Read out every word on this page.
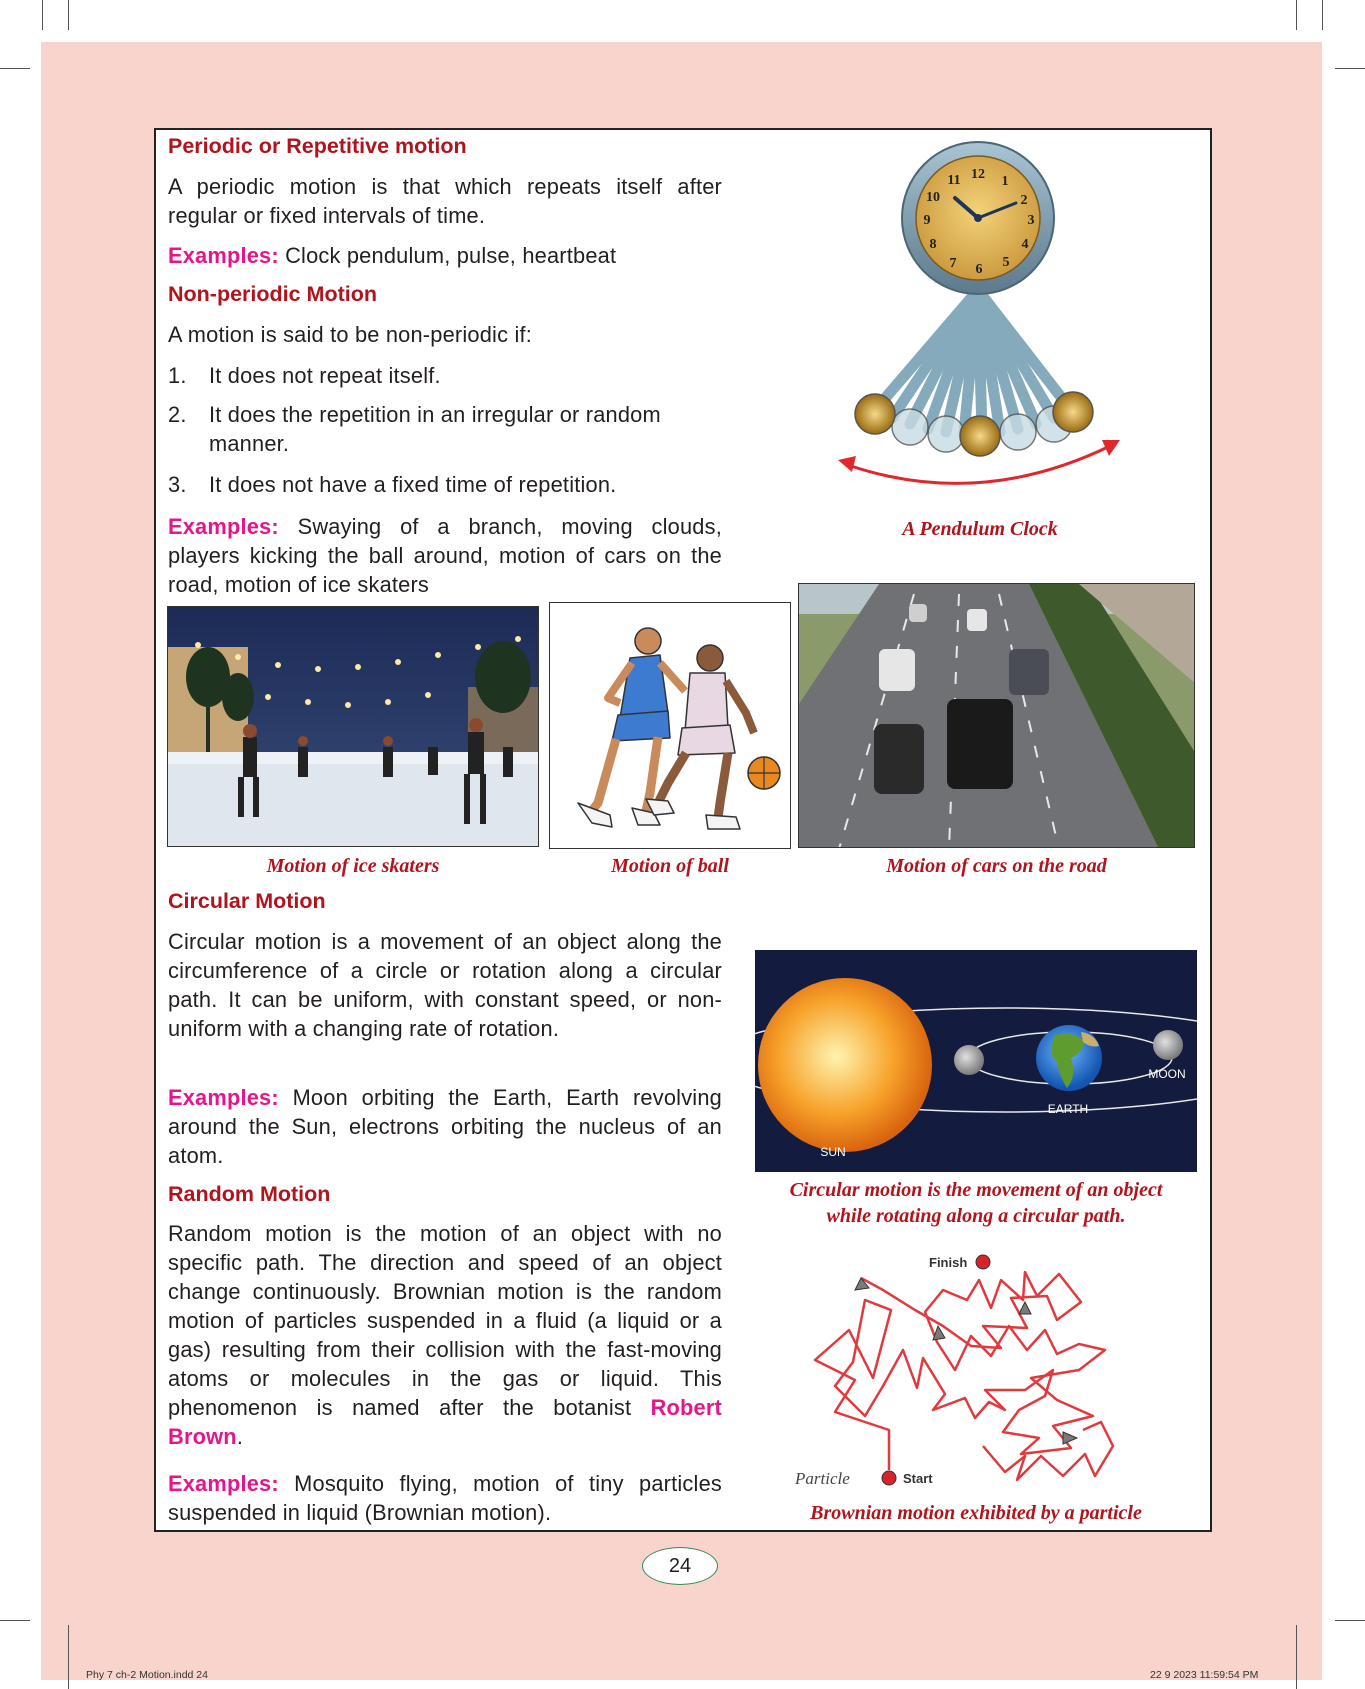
Periodic or Repetitive motion
A periodic motion is that which repeats itself after regular or fixed intervals of time.
Examples: Clock pendulum, pulse, heartbeat
Non-periodic Motion
A motion is said to be non-periodic if:
1. It does not repeat itself.
2. It does the repetition in an irregular or random manner.
3. It does not have a fixed time of repetition.
Examples: Swaying of a branch, moving clouds, players kicking the ball around, motion of cars on the road, motion of ice skaters
12 1
2
3
4
5
6
7
8
9
10
11
A Pendulum Clock
Motion of ice skaters	Motion of ball	Motion of cars on the road
Circular Motion
Circular motion is a movement of an object along the circumference of a circle or rotation along a circular path. It can be uniform, with constant speed, or non-uniform with a changing rate of rotation.
Examples: Moon orbiting the Earth, Earth revolving around the Sun, electrons orbiting the nucleus of an atom.
EARTH
MOON
SUN
Circular motion is the movement of an object
while rotating along a circular path.
Random Motion
Random motion is the motion of an object with no specific path. The direction and speed of an object change continuously. Brownian motion is the random motion of particles suspended in a fluid (a liquid or a gas) resulting from their collision with the fast-moving atoms or molecules in the gas or liquid. This phenomenon is named after the botanist Robert Brown.
Examples: Mosquito flying, motion of tiny particles suspended in liquid (Brownian motion).
Finish
Start
Particle
Brownian motion exhibited by a particle
24
Phy 7 ch-2 Motion.indd 24	22 9 2023 11:59:54 PM
